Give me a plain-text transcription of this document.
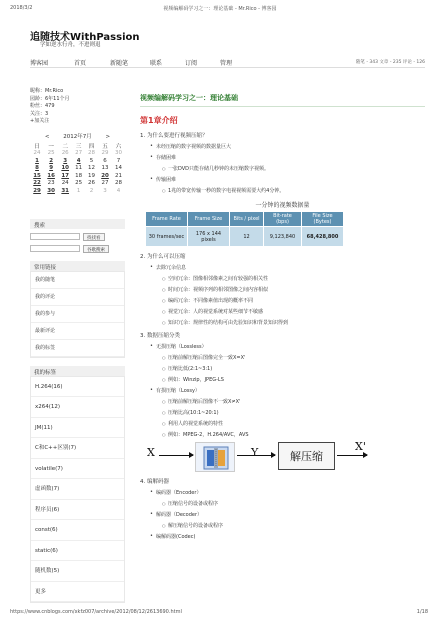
2018/3/2	视频编解码学习之一：理论基础 - Mr.Rico - 博客园
追随技术WithPassion
学如逆水行舟，不进则退
博客园	首页	新随笔	联系	订阅	管理	随笔 - 343 文章 - 235 评论 - 126
昵称：Mr.Rico
园龄：6年11个月
粉丝：479
关注：3
+加关注
<	2012年7月	>
日	一	二	三	四	五	六
24	25	26	27	28	29	30
1	2	3	4	5	6	7
8	9	10	11	12	13	14
15	16	17	18	19	20	21
22	23	24	25	26	27	28
29	30	31	1	2	3	4
搜索
找找看
谷歌搜索
常用链接
我的随笔
我的评论
我的参与
最新评论
我的标签
我的标签
H.264(16)
x264(12)
JM(11)
C和C++区别(7)
volatile(7)
虚函数(7)
程序员(6)
const(6)
static(6)
随机数(5)
更多
视频编解码学习之一：理论基础
第1章介绍
1. 为什么要进行视频压缩？
• 未经压缩的数字视频的数据量巨大
• 存储困难
○ 一张DVD只能存储几秒钟的未压缩数字视频。
• 传输困难
○ 1兆的带宽传输一秒的数字电视视频需要大约4分钟。
一分钟的视频数据量
Frame Rate	Frame Size	Bits / pixel	Bit-rate (bps)	File Size (Bytes)
30 frames/sec	176 x 144 pixels	12	9,123,840	68,428,800
2. 为什么可以压缩
• 去除冗余信息
○ 空间冗余：图像相邻像素之间有较强的相关性
○ 时间冗余：视频序列的相邻图像之间内容相似
○ 编码冗余：不同像素值出现的概率不同
○ 视觉冗余：人的视觉系统对某些细节不敏感
○ 知识冗余：规律性的结构可由先验知识和背景知识得到
3. 数据压缩分类
• 无损压缩（Lossless）
○ 压缩前解压缩后图像完全一致X=X'
○ 压缩比低(2:1~3:1)
○ 例如：Winzip，JPEG-LS
• 有损压缩（Lossy）
○ 压缩前解压缩后图像不一致X≠X'
○ 压缩比高(10:1~20:1)
○ 利用人的视觉系统的特性
○ 例如：MPEG-2，H.264/AVC，AVS
X	Y	解压缩
X'
4. 编解码器
• 编码器（Encoder）
○ 压缩信号的设备或程序
• 解码器（Decoder）
○ 解压缩信号的设备或程序
• 编解码器(Codec)
https://www.cnblogs.com/xkfz007/archive/2012/08/12/2613690.html	1/18
